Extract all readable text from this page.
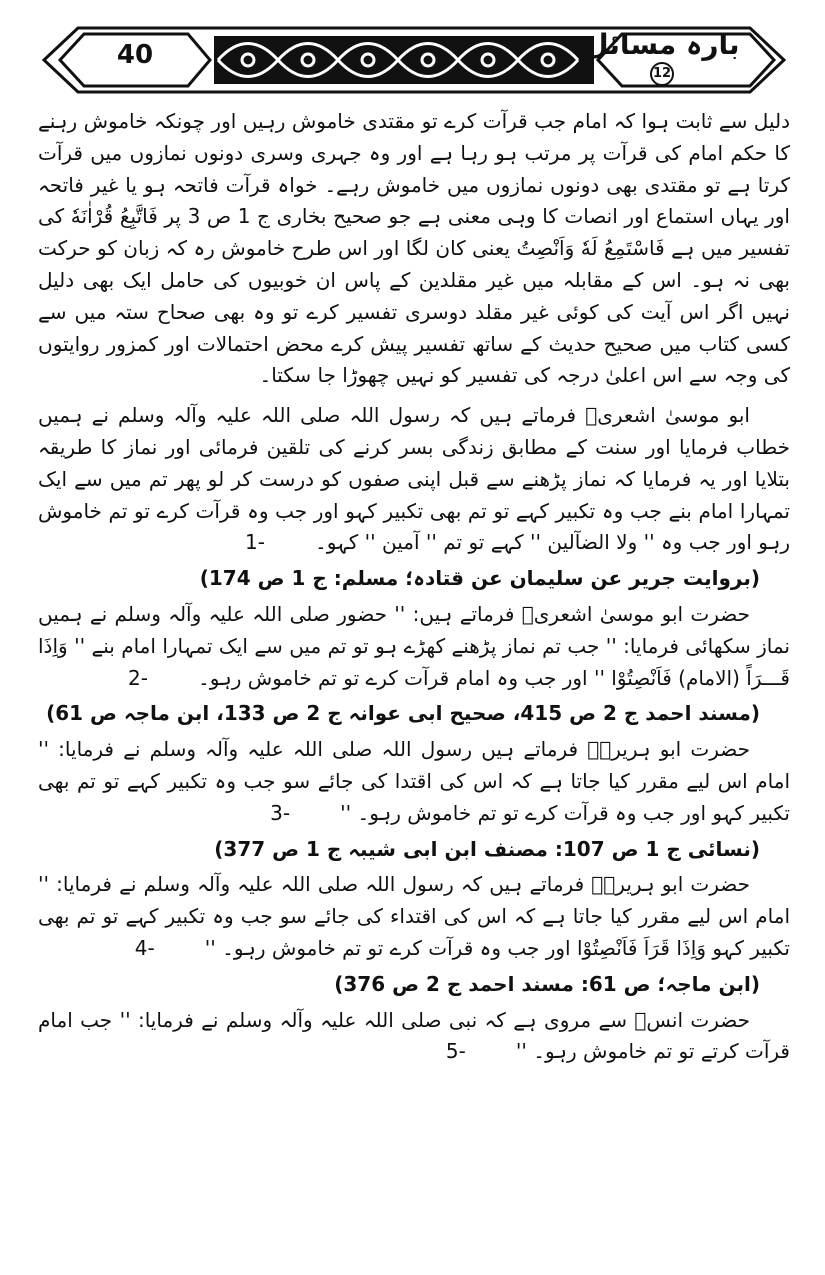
40	بارہ مسائل 12

دلیل سے ثابت ہوا کہ امام جب قرآت کرے تو مقتدی خاموش رہیں اور چونکہ خاموش رہنے کا حکم امام کی قرآت پر مرتب ہو رہا ہے اور وہ جہری وسری دونوں نمازوں میں قرآت کرتا ہے تو مقتدی بھی دونوں نمازوں میں خاموش رہے۔ خواہ قرآت فاتحہ ہو یا غیر فاتحہ اور یہاں استماع اور انصات کا وہی معنی ہے جو صحیح بخاری ج 1 ص 3 پر فَاتَّبِعُ قُرْاٰنَهٗ کی تفسیر میں ہے فَاسْتَمِعُ لَهٗ وَاَنْصِتُ یعنی کان لگا اور اس طرح خاموش رہ کہ زبان کو حرکت بھی نہ ہو۔ اس کے مقابلہ میں غیر مقلدین کے پاس ان خوبیوں کی حامل ایک بھی دلیل نہیں اگر اس آیت کی کوئی غیر مقلد دوسری تفسیر کرے تو وہ بھی صحاح ستہ میں سے کسی کتاب میں صحیح حدیث کے ساتھ تفسیر پیش کرے محض احتمالات اور کمزور روایتوں کی وجہ سے اس اعلیٰ درجہ کی تفسیر کو نہیں چھوڑا جا سکتا۔

ابو موسیٰ اشعریؓ فرماتے ہیں کہ رسول اللہ صلی اللہ علیہ وآلہ وسلم نے ہمیں خطاب فرمایا اور سنت کے مطابق زندگی بسر کرنے کی تلقین فرمائی اور نماز کا طریقہ بتلایا اور یہ فرمایا کہ نماز پڑھنے سے قبل اپنی صفوں کو درست کر لو پھر تم میں سے ایک تمہارا امام بنے جب وہ تکبیر کہے تو تم بھی تکبیر کہو اور جب وہ قرآت کرے تو تم خاموش رہو اور جب وہ '' ولا الضآلین '' کہے تو تم '' آمین '' کہو۔1-

(بروایت جریر عن سلیمان عن قتادہ؛ مسلم: ج 1 ص 174)

حضرت ابو موسیٰ اشعریؓ فرماتے ہیں: '' حضور صلی اللہ علیہ وآلہ وسلم نے ہمیں نماز سکھائی فرمایا: '' جب تم نماز پڑھنے کھڑے ہو تو تم میں سے ایک تمہارا امام بنے '' وَاِذَا قَـــرَاً (الامام) فَاَنْصِتُوْا '' اور جب وہ امام قرآت کرے تو تم خاموش رہو۔2-

(مسند احمد ج 2 ص 415، صحیح ابی عوانہ ج 2 ص 133، ابن ماجہ ص 61)

حضرت ابو ہریرہؓ فرماتے ہیں رسول اللہ صلی اللہ علیہ وآلہ وسلم نے فرمایا: '' امام اس لیے مقرر کیا جاتا ہے کہ اس کی اقتدا کی جائے سو جب وہ تکبیر کہے تو تم بھی تکبیر کہو اور جب وہ قرآت کرے تو تم خاموش رہو۔ ''3-

(نسائی ج 1 ص 107: مصنف ابن ابی شیبہ ج 1 ص 377)

حضرت ابو ہریرہؓ فرماتے ہیں کہ رسول اللہ صلی اللہ علیہ وآلہ وسلم نے فرمایا: '' امام اس لیے مقرر کیا جاتا ہے کہ اس کی اقتداء کی جائے سو جب وہ تکبیر کہے تو تم بھی تکبیر کہو وَاِذَا قَرَاَ فَاَنْصِتُوْا اور جب وہ قرآت کرے تو تم خاموش رہو۔ ''4-

(ابن ماجہ؛ ص 61: مسند احمد ج 2 ص 376)

حضرت انسؓ سے مروی ہے کہ نبی صلی اللہ علیہ وآلہ وسلم نے فرمایا: '' جب امام قرآت کرتے تو تم خاموش رہو۔ ''5-
